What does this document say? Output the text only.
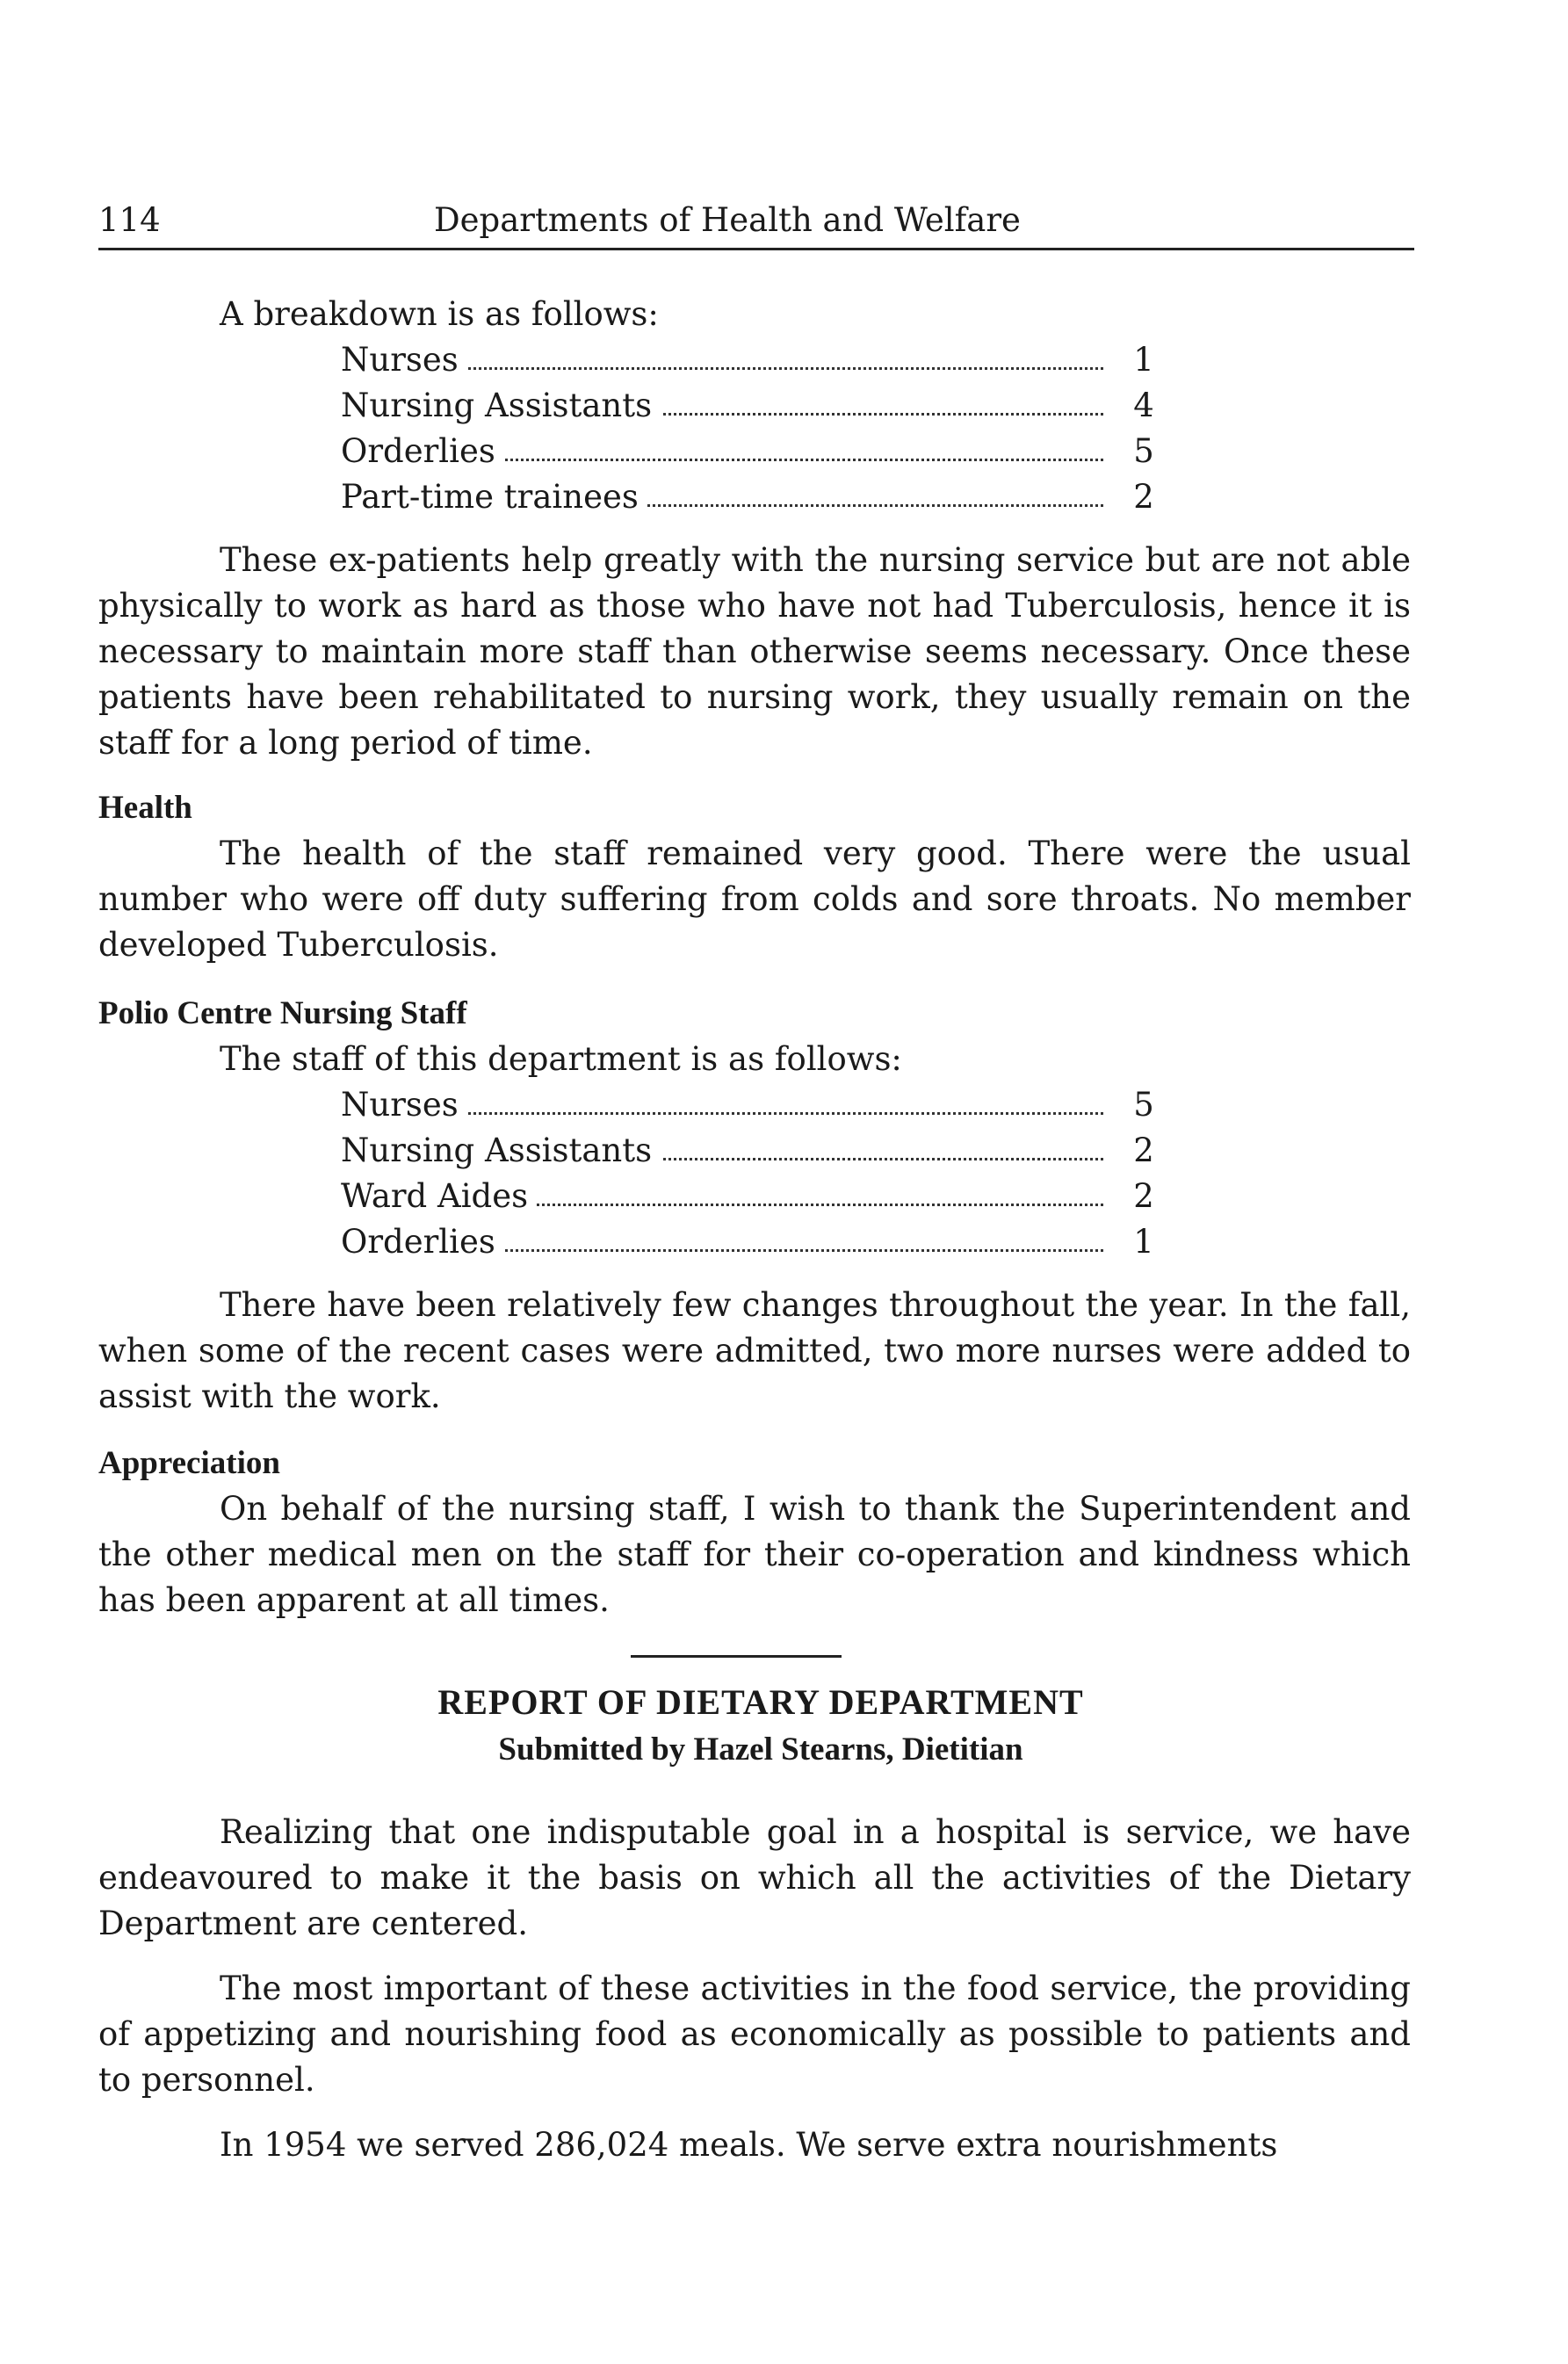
114	Departments of Health and Welfare
A breakdown is as follows:
Nurses	1
Nursing Assistants	4
Orderlies	5
Part-time trainees	2

These ex-patients help greatly with the nursing service but are not able physically to work as hard as those who have not had Tuberculosis, hence it is necessary to maintain more staff than otherwise seems necessary. Once these patients have been rehabilitated to nursing work, they usually remain on the staff for a long period of time.

Health

The health of the staff remained very good. There were the usual number who were off duty suffering from colds and sore throats. No member developed Tuberculosis.

Polio Centre Nursing Staff
The staff of this department is as follows:
Nurses	5
Nursing Assistants	2
Ward Aides	2
Orderlies	1

There have been relatively few changes throughout the year. In the fall, when some of the recent cases were admitted, two more nurses were added to assist with the work.

Appreciation

On behalf of the nursing staff, I wish to thank the Superintendent and the other medical men on the staff for their co-operation and kindness which has been apparent at all times.

REPORT OF DIETARY DEPARTMENT
Submitted by Hazel Stearns, Dietitian

Realizing that one indisputable goal in a hospital is service, we have endeavoured to make it the basis on which all the activities of the Dietary Department are centered.

The most important of these activities in the food service, the providing of appetizing and nourishing food as economically as possible to patients and to personnel.

In 1954 we served 286,024 meals. We serve extra nourishments
